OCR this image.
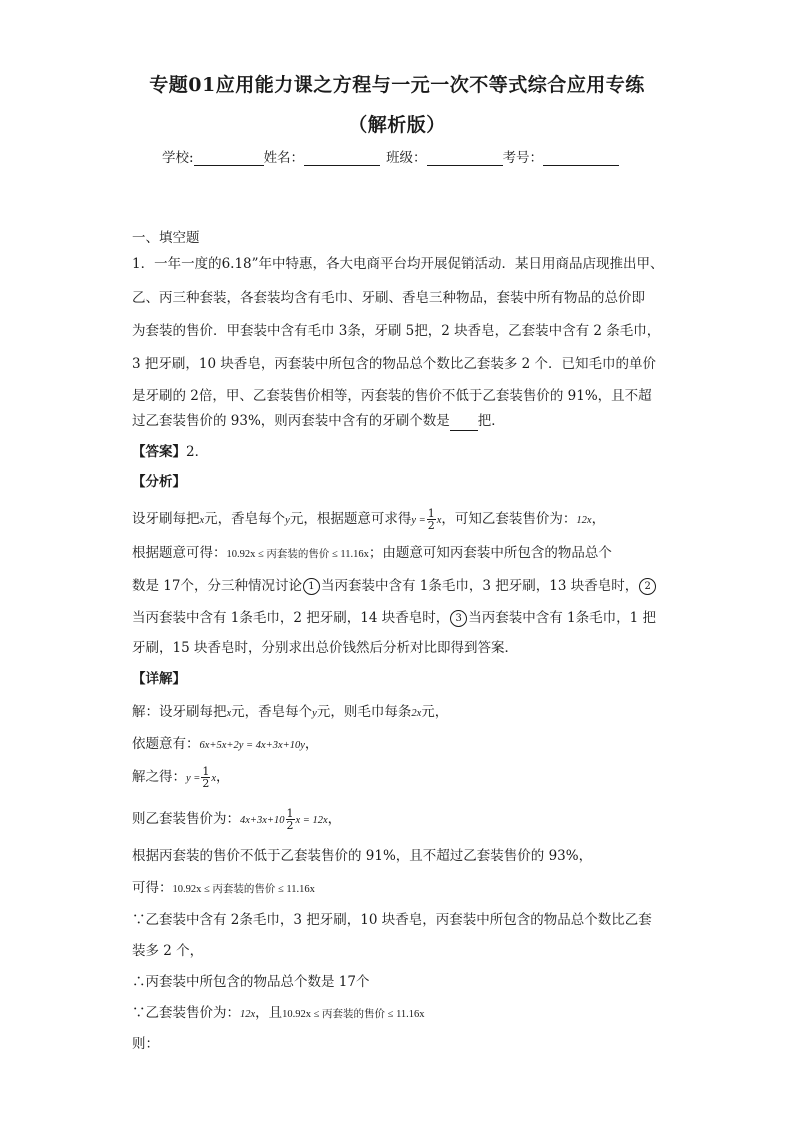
专题01应用能力课之方程与一元一次不等式综合应用专练
（解析版）
学校:	姓名：	班级：	考号：
一、填空题
1．一年一度的6.18”年中特惠，各大电商平台均开展促销活动．某日用商品店现推出甲、
乙、丙三种套装，各套装均含有毛巾、牙刷、香皂三种物品，套装中所有物品的总价即
为套装的售价．甲套装中含有毛巾 3条，牙刷 5把，2 块香皂，乙套装中含有 2 条毛巾，
3 把牙刷，10 块香皂，丙套装中所包含的物品总个数比乙套装多 2 个．已知毛巾的单价
是牙刷的 2倍，甲、乙套装售价相等，丙套装的售价不低于乙套装售价的 91%，且不超
过乙套装售价的 93%，则丙套装中含有的牙刷个数是 把．
【答案】2．
【分析】
设牙刷每把x元，香皂每个y元，根据题意可求得$y = \frac{1}{2}$ x，可知乙套装售价为：12x，
根据题意可得：10.92x ≤ 丙套装的售价 ≤ 11.16x；由题意可知丙套装中所包含的物品总个
数是 17个，分三种情况讨论 1 当丙套装中含有 1条毛巾，3 把牙刷，13 块香皂时， 2
当丙套装中含有 1条毛巾，2 把牙刷，14 块香皂时， 3 当丙套装中含有 1条毛巾，1 把
牙刷，15 块香皂时，分别求出总价钱然后分析对比即得到答案．
【详解】
解：设牙刷每把x元，香皂每个y元，则毛巾每条2x元，
依题意有：6x+5x+2y = 4x+3x+10y，
解之得：$y = \frac{1}{2}$ x，
则乙套装售价为：$4x+3x+10 \frac{1}{2}$ x = 12x，
根据丙套装的售价不低于乙套装售价的 91%，且不超过乙套装售价的 93%，
可得：10.92x ≤ 丙套装的售价 ≤ 11.16x
∵乙套装中含有 2条毛巾，3 把牙刷，10 块香皂，丙套装中所包含的物品总个数比乙套
装多 2 个，
∴丙套装中所包含的物品总个数是 17个
∵乙套装售价为：12x，且10.92x ≤ 丙套装的售价 ≤ 11.16x
则：
